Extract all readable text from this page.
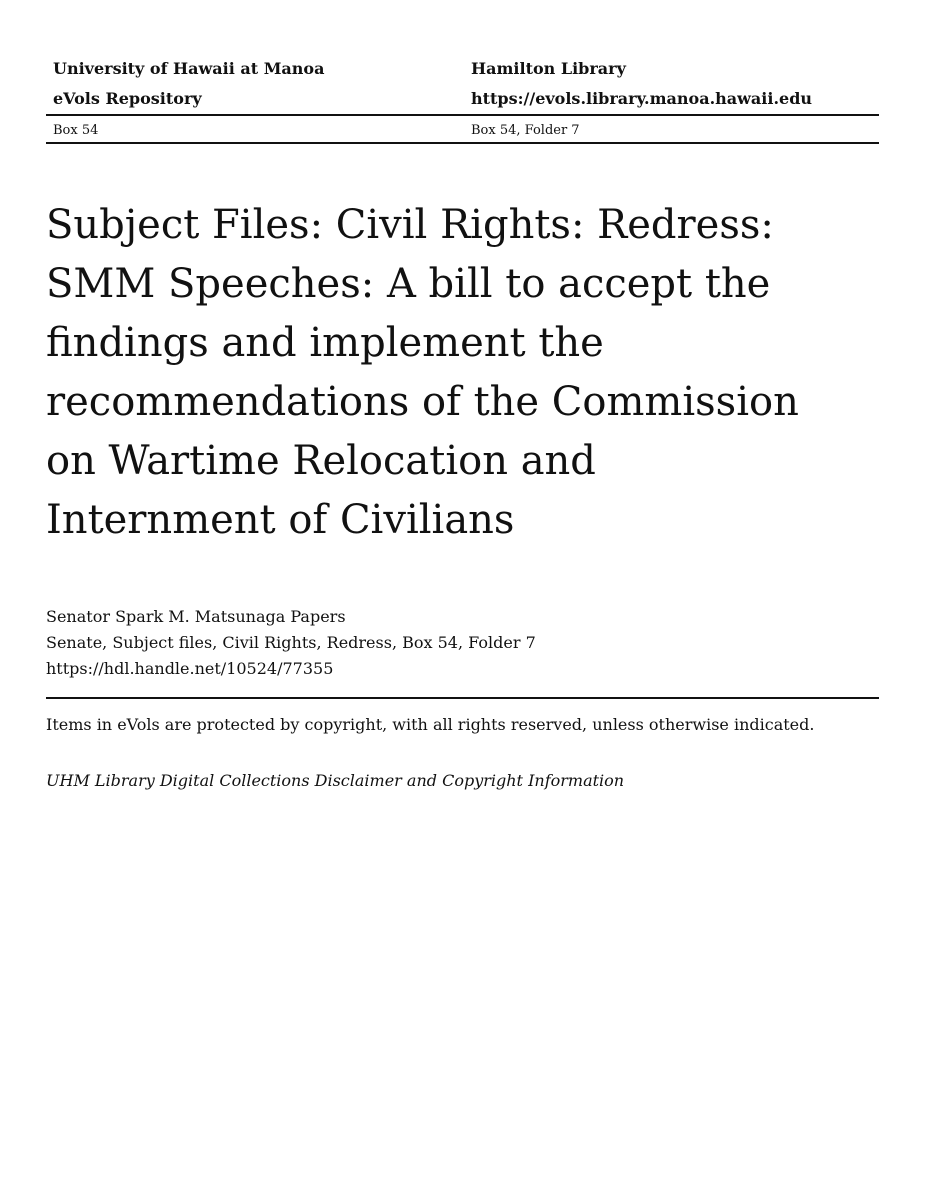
University of Hawaii at Manoa	Hamilton Library
eVols Repository	https://evols.library.manoa.hawaii.edu
Box 54	Box 54, Folder 7
Subject Files: Civil Rights: Redress: SMM Speeches: A bill to accept the findings and implement the recommendations of the Commission on Wartime Relocation and Internment of Civilians
Senator Spark M. Matsunaga Papers
Senate, Subject files, Civil Rights, Redress, Box 54, Folder 7
https://hdl.handle.net/10524/77355
Items in eVols are protected by copyright, with all rights reserved, unless otherwise indicated.
UHM Library Digital Collections Disclaimer and Copyright Information
